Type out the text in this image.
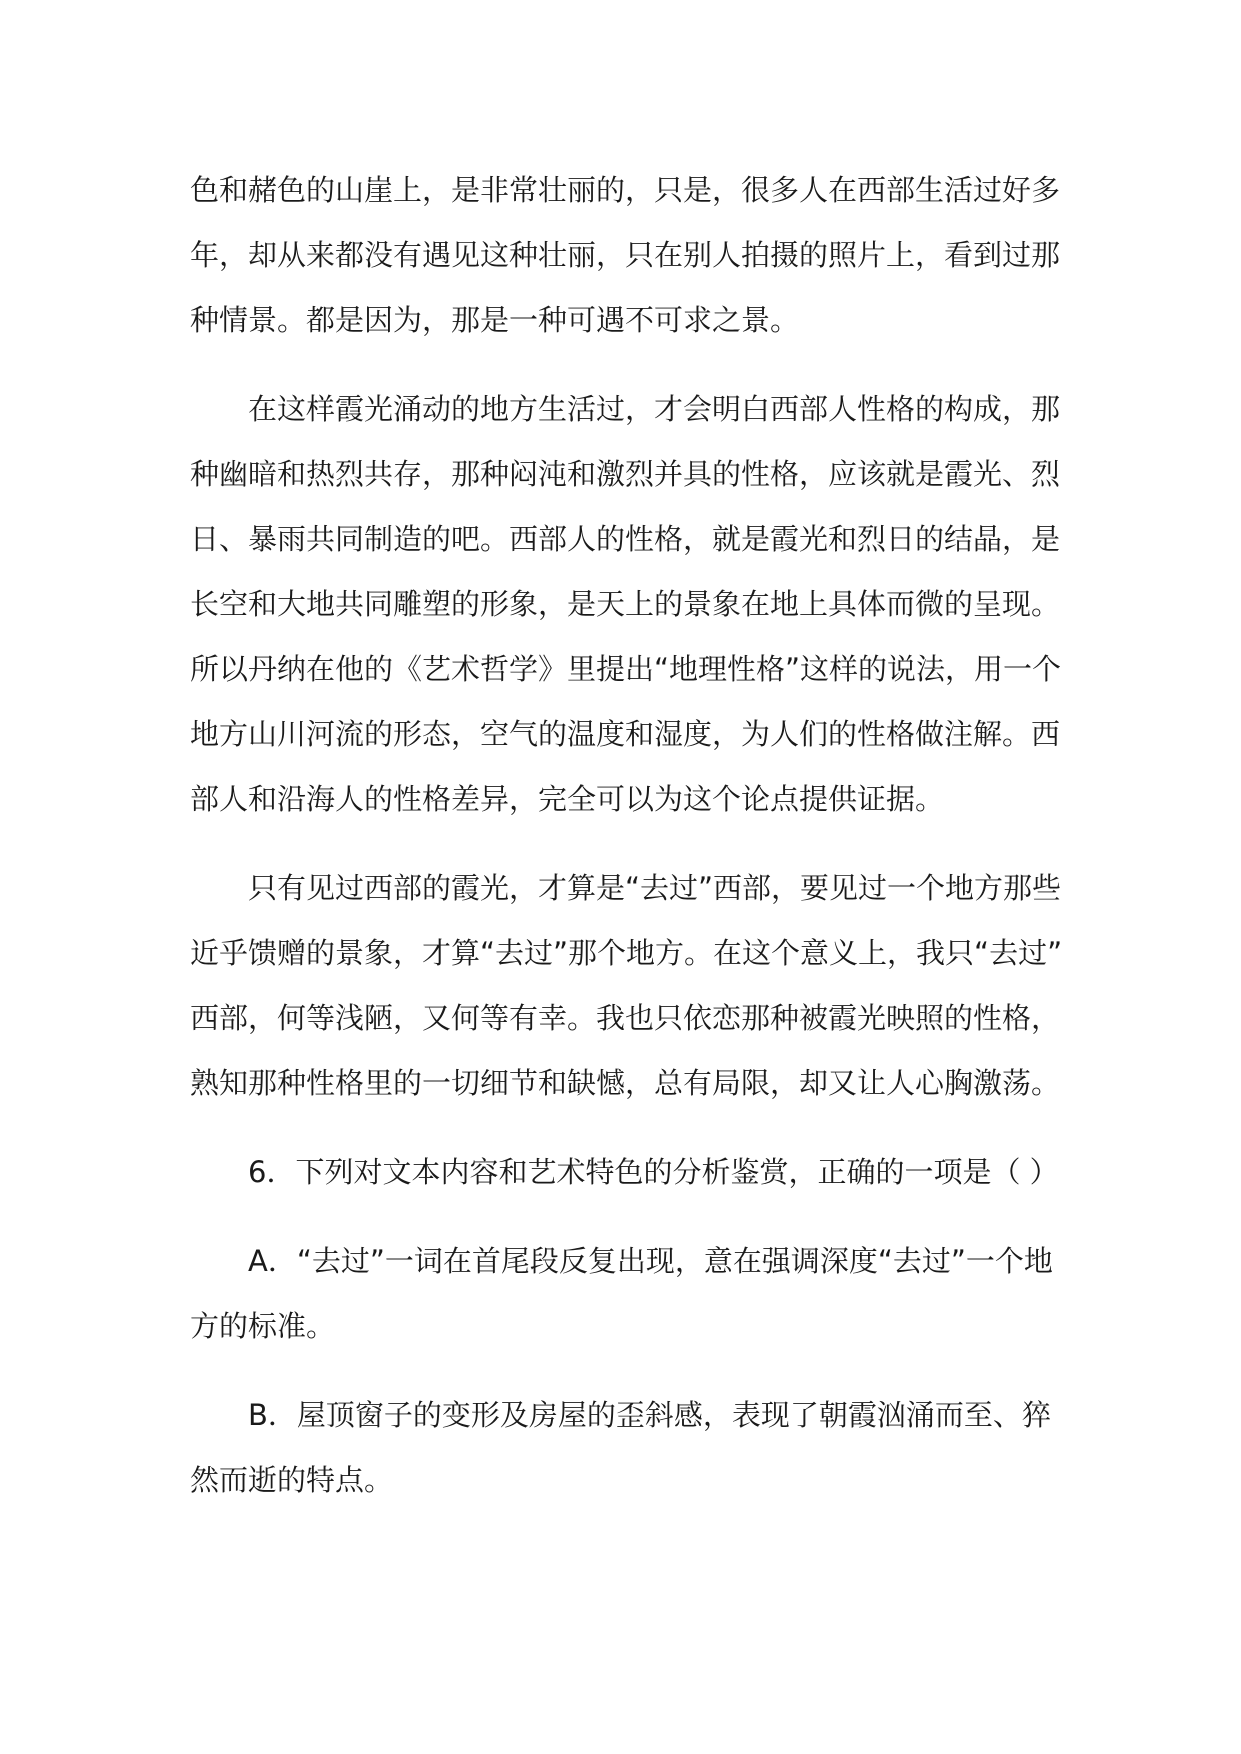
色和赭色的山崖上，是非常壮丽的，只是，很多人在西部生活过好多
年，却从来都没有遇见这种壮丽，只在别人拍摄的照片上，看到过那
种情景。都是因为，那是一种可遇不可求之景。
在这样霞光涌动的地方生活过，才会明白西部人性格的构成，那
种幽暗和热烈共存，那种闷沌和激烈并具的性格，应该就是霞光、烈
日、暴雨共同制造的吧。西部人的性格，就是霞光和烈日的结晶，是
长空和大地共同雕塑的形象，是天上的景象在地上具体而微的呈现。
所以丹纳在他的《艺术哲学》里提出“地理性格”这样的说法，用一个
地方山川河流的形态，空气的温度和湿度，为人们的性格做注解。西
部人和沿海人的性格差异，完全可以为这个论点提供证据。
只有见过西部的霞光，才算是“去过”西部，要见过一个地方那些
近乎馈赠的景象，才算“去过”那个地方。在这个意义上，我只“去过”
西部，何等浅陋，又何等有幸。我也只依恋那种被霞光映照的性格，
熟知那种性格里的一切细节和缺憾，总有局限，却又让人心胸激荡。
6．下列对文本内容和艺术特色的分析鉴赏，正确的一项是（ ）
A．“去过”一词在首尾段反复出现，意在强调深度“去过”一个地
方的标准。
B．屋顶窗子的变形及房屋的歪斜感，表现了朝霞汹涌而至、猝
然而逝的特点。
